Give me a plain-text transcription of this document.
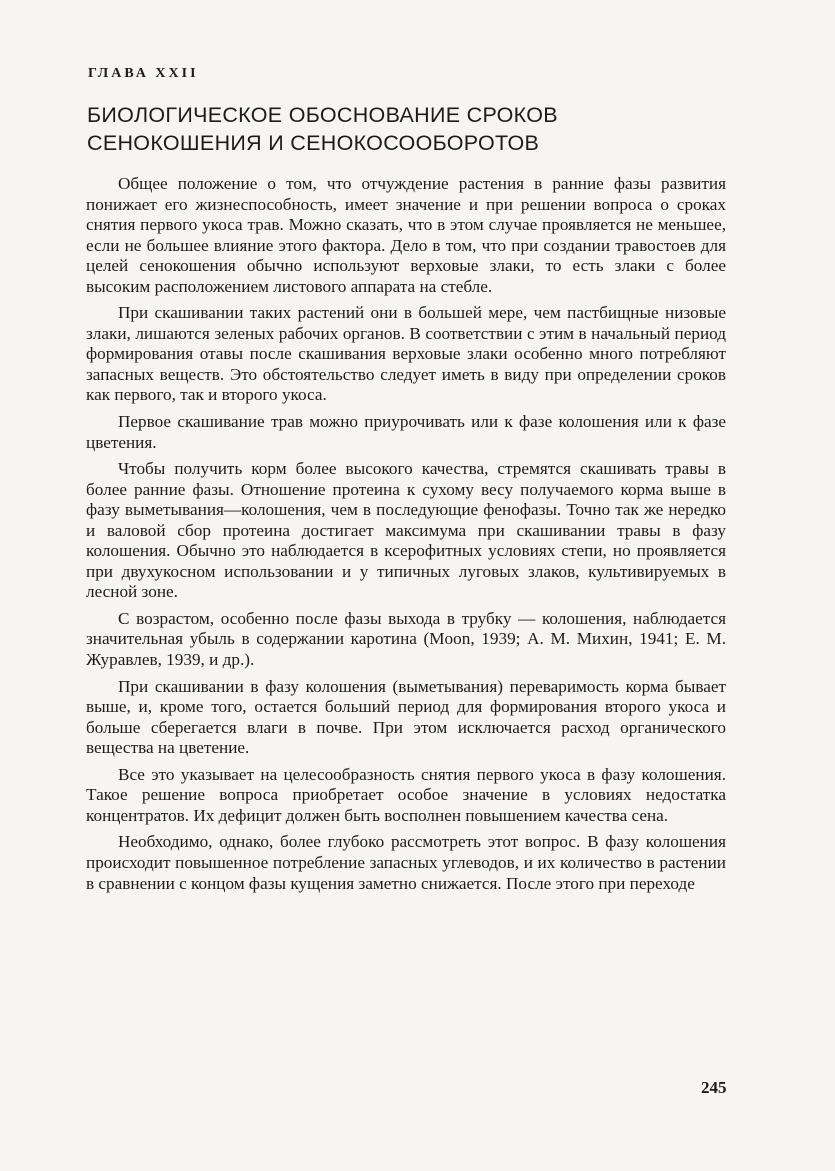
ГЛАВА XXII
БИОЛОГИЧЕСКОЕ ОБОСНОВАНИЕ СРОКОВ
СЕНОКОШЕНИЯ И СЕНОКОСООБОРОТОВ

Общее положение о том, что отчуждение растения в ранние фазы развития понижает его жизнеспособность, имеет значение и при решении вопроса о сроках снятия первого укоса трав. Можно сказать, что в этом случае проявляется не меньшее, если не большее влияние этого фактора. Дело в том, что при создании травостоев для целей сенокошения обычно используют верховые злаки, то есть злаки с более высоким расположением листового аппарата на стебле.

При скашивании таких растений они в большей мере, чем пастбищные низовые злаки, лишаются зеленых рабочих органов. В соответствии с этим в начальный период формирования отавы после скашивания верховые злаки особенно много потребляют запасных веществ. Это обстоятельство следует иметь в виду при определении сроков как первого, так и второго укоса.

Первое скашивание трав можно приурочивать или к фазе колошения или к фазе цветения.

Чтобы получить корм более высокого качества, стремятся скашивать травы в более ранние фазы. Отношение протеина к сухому весу получаемого корма выше в фазу выметывания—колошения, чем в последующие фенофазы. Точно так же нередко и валовой сбор протеина достигает максимума при скашивании травы в фазу колошения. Обычно это наблюдается в ксерофитных условиях степи, но проявляется при двухукосном использовании и у типичных луговых злаков, культивируемых в лесной зоне.

С возрастом, особенно после фазы выхода в трубку — колошения, наблюдается значительная убыль в содержании каротина (Moon, 1939; А. М. Михин, 1941; Е. М. Журавлев, 1939, и др.).

При скашивании в фазу колошения (выметывания) переваримость корма бывает выше, и, кроме того, остается больший период для формирования второго укоса и больше сберегается влаги в почве. При этом исключается расход органического вещества на цветение.

Все это указывает на целесообразность снятия первого укоса в фазу колошения. Такое решение вопроса приобретает особое значение в условиях недостатка концентратов. Их дефицит должен быть восполнен повышением качества сена.

Необходимо, однако, более глубоко рассмотреть этот вопрос. В фазу колошения происходит повышенное потребление запасных углеводов, и их количество в растении в сравнении с концом фазы кущения заметно снижается. После этого при переходе

245
